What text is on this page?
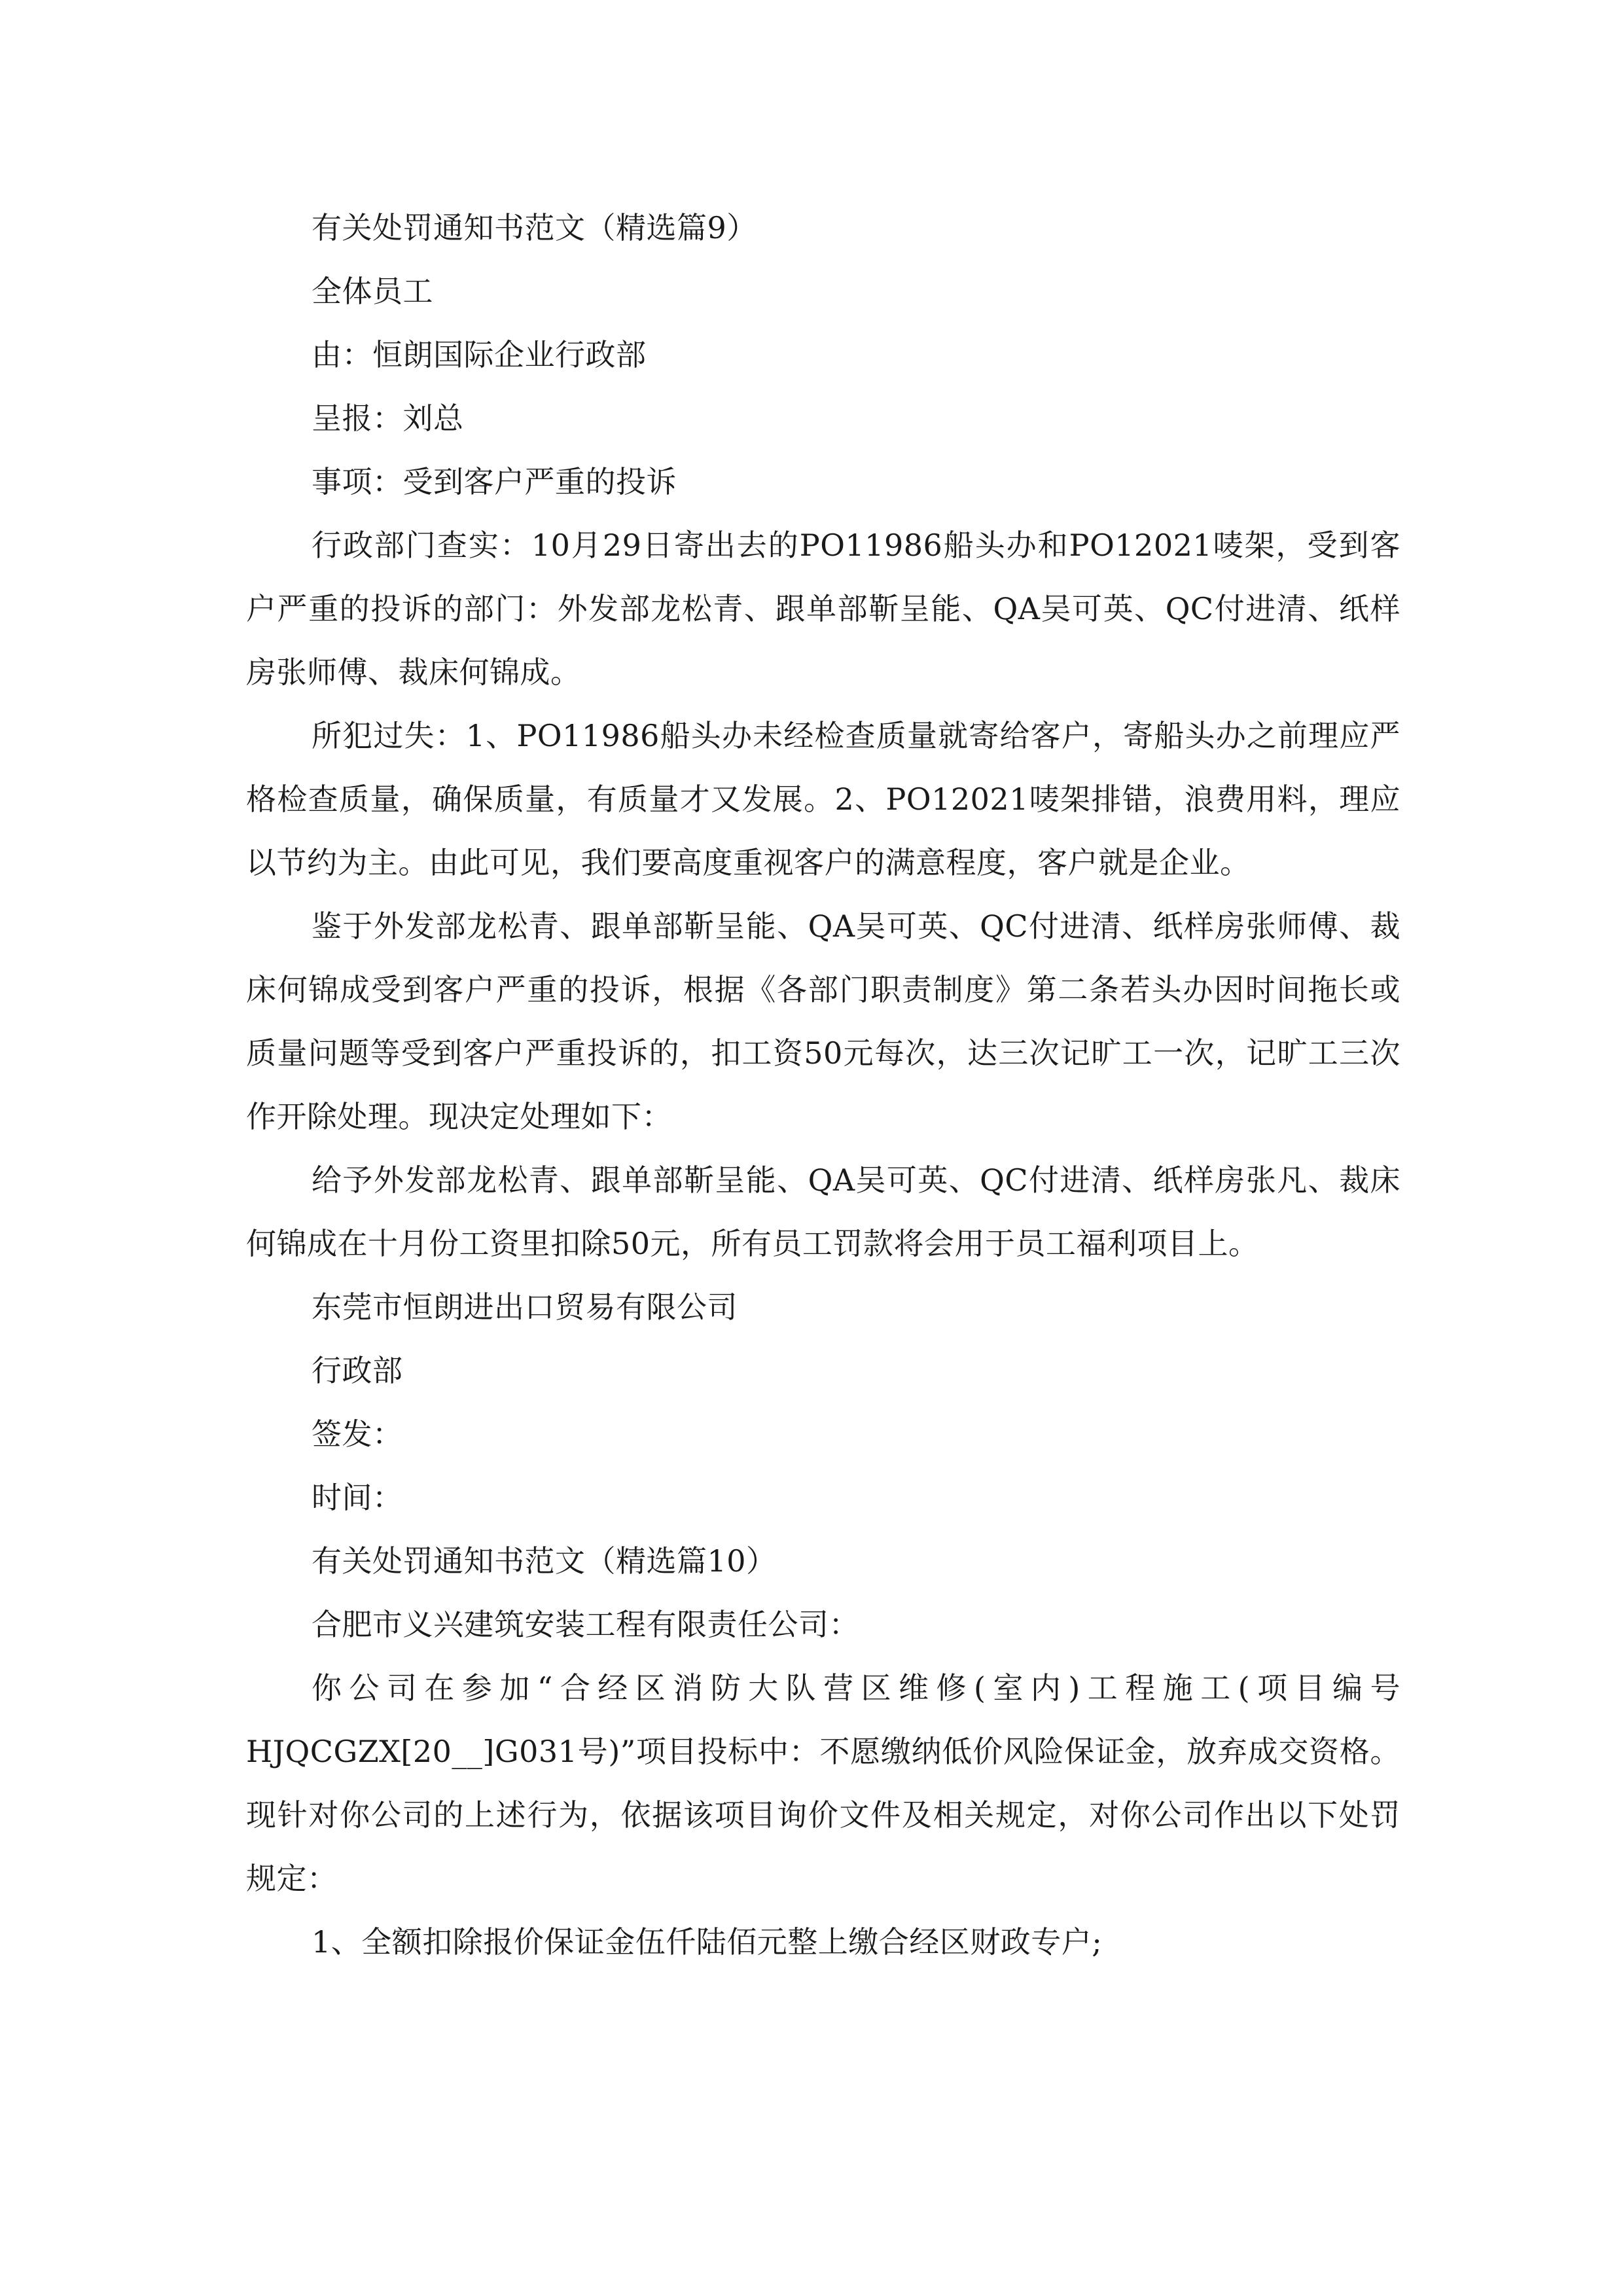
有关处罚通知书范文（精选篇9）

全体员工

由：恒朗国际企业行政部

呈报：刘总

事项：受到客户严重的投诉

行政部门查实：10月29日寄出去的PO11986船头办和PO12021唛架，受到客户严重的投诉的部门：外发部龙松青、跟单部靳呈能、QA吴可英、QC付进清、纸样房张师傅、裁床何锦成。

所犯过失：1、PO11986船头办未经检查质量就寄给客户，寄船头办之前理应严格检查质量，确保质量，有质量才又发展。2、PO12021唛架排错，浪费用料，理应以节约为主。由此可见，我们要高度重视客户的满意程度，客户就是企业。

鉴于外发部龙松青、跟单部靳呈能、QA吴可英、QC付进清、纸样房张师傅、裁床何锦成受到客户严重的投诉，根据《各部门职责制度》第二条若头办因时间拖长或质量问题等受到客户严重投诉的，扣工资50元每次，达三次记旷工一次，记旷工三次作开除处理。现决定处理如下：

给予外发部龙松青、跟单部靳呈能、QA吴可英、QC付进清、纸样房张凡、裁床何锦成在十月份工资里扣除50元，所有员工罚款将会用于员工福利项目上。

东莞市恒朗进出口贸易有限公司

行政部

签发：

时间：

有关处罚通知书范文（精选篇10）

合肥市义兴建筑安装工程有限责任公司：

你公司在参加“合经区消防大队营区维修(室内)工程施工(项目编号HJQCGZX[20__]G031号)”项目投标中：不愿缴纳低价风险保证金，放弃成交资格。现针对你公司的上述行为，依据该项目询价文件及相关规定，对你公司作出以下处罚规定：

1、全额扣除报价保证金伍仟陆佰元整上缴合经区财政专户;
